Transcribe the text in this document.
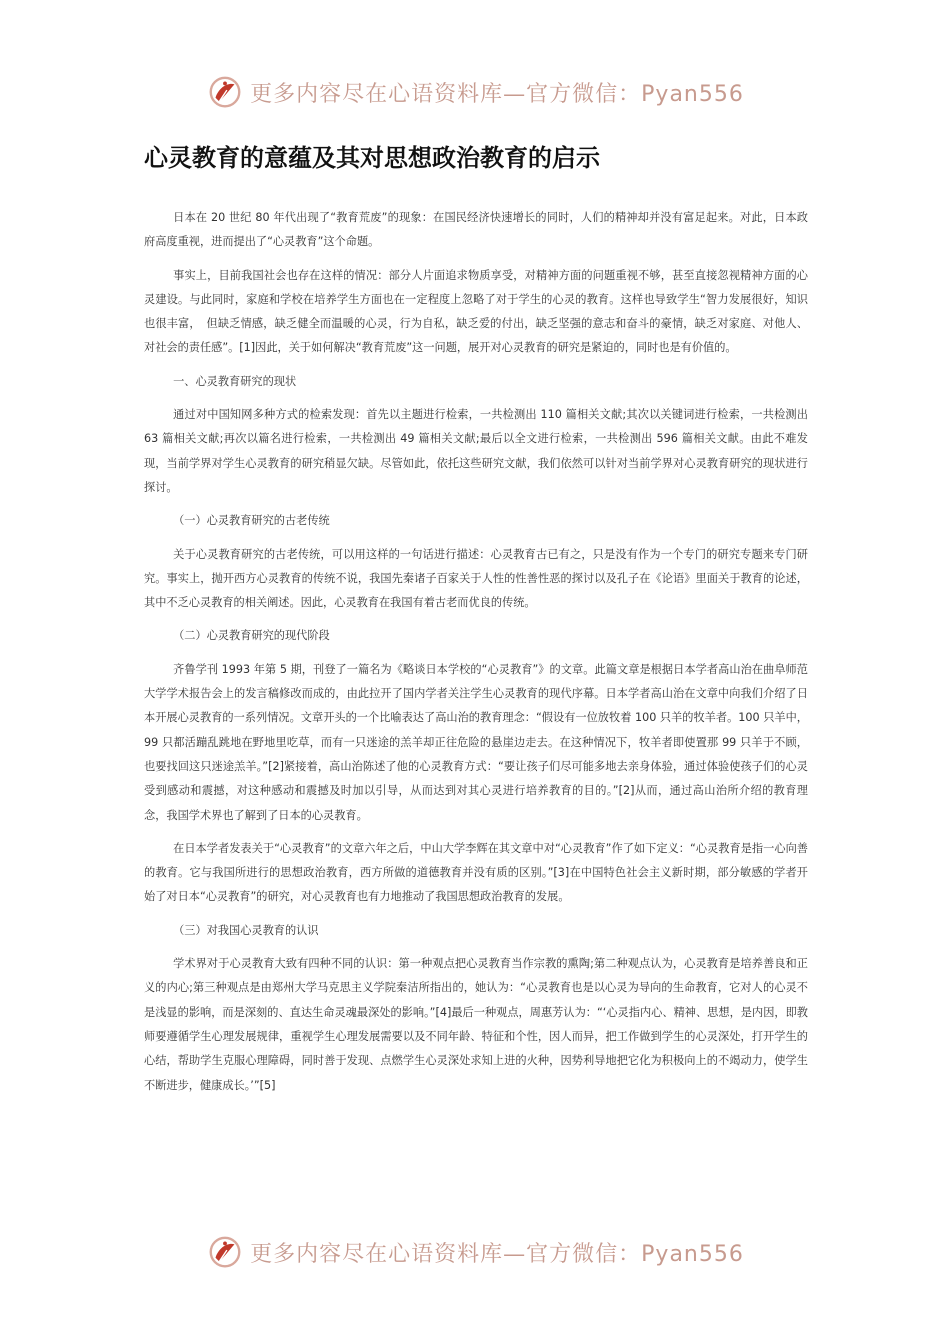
更多内容尽在心语资料库—官方微信：Pyan556
心灵教育的意蕴及其对思想政治教育的启示

日本在 20 世纪 80 年代出现了“教育荒废”的现象：在国民经济快速增长的同时，人们的精神却并没有富足起来。对此，日本政府高度重视，进而提出了“心灵教育”这个命题。

事实上，目前我国社会也存在这样的情况：部分人片面追求物质享受，对精神方面的问题重视不够，甚至直接忽视精神方面的心灵建设。与此同时，家庭和学校在培养学生方面也在一定程度上忽略了对于学生的心灵的教育。这样也导致学生“智力发展很好，知识也很丰富，　但缺乏情感，缺乏健全而温暖的心灵，行为自私，缺乏爱的付出，缺乏坚强的意志和奋斗的豪情，缺乏对家庭、对他人、对社会的责任感”。[1]因此，关于如何解决“教育荒废”这一问题，展开对心灵教育的研究是紧迫的，同时也是有价值的。

一、心灵教育研究的现状

通过对中国知网多种方式的检索发现：首先以主题进行检索，一共检测出 110 篇相关文献;其次以关键词进行检索，一共检测出 63 篇相关文献;再次以篇名进行检索，一共检测出 49 篇相关文献;最后以全文进行检索，一共检测出 596 篇相关文献。由此不难发现，当前学界对学生心灵教育的研究稍显欠缺。尽管如此，依托这些研究文献，我们依然可以针对当前学界对心灵教育研究的现状进行探讨。

（一）心灵教育研究的古老传统

关于心灵教育研究的古老传统，可以用这样的一句话进行描述：心灵教育古已有之，只是没有作为一个专门的研究专题来专门研究。事实上，抛开西方心灵教育的传统不说，我国先秦诸子百家关于人性的性善性恶的探讨以及孔子在《论语》里面关于教育的论述，其中不乏心灵教育的相关阐述。因此，心灵教育在我国有着古老而优良的传统。

（二）心灵教育研究的现代阶段

齐鲁学刊 1993 年第 5 期，刊登了一篇名为《略谈日本学校的“心灵教育”》的文章。此篇文章是根据日本学者高山治在曲阜师范大学学术报告会上的发言稿修改而成的，由此拉开了国内学者关注学生心灵教育的现代序幕。日本学者高山治在文章中向我们介绍了日本开展心灵教育的一系列情况。文章开头的一个比喻表达了高山治的教育理念：“假设有一位放牧着 100 只羊的牧羊者。100 只羊中，99 只都活蹦乱跳地在野地里吃草，而有一只迷途的羔羊却正往危险的悬崖边走去。在这种情况下，牧羊者即使置那 99 只羊于不顾，也要找回这只迷途羔羊。”[2]紧接着，高山治陈述了他的心灵教育方式：“要让孩子们尽可能多地去亲身体验，通过体验使孩子们的心灵受到感动和震撼，对这种感动和震撼及时加以引导，从而达到对其心灵进行培养教育的目的。”[2]从而，通过高山治所介绍的教育理念，我国学术界也了解到了日本的心灵教育。

在日本学者发表关于“心灵教育”的文章六年之后，中山大学李辉在其文章中对“心灵教育”作了如下定义：“心灵教育是指一心向善的教育。它与我国所进行的思想政治教育，西方所做的道德教育并没有质的区别。”[3]在中国特色社会主义新时期，部分敏感的学者开始了对日本“心灵教育”的研究，对心灵教育也有力地推动了我国思想政治教育的发展。

（三）对我国心灵教育的认识

学术界对于心灵教育大致有四种不同的认识：第一种观点把心灵教育当作宗教的熏陶;第二种观点认为，心灵教育是培养善良和正义的内心;第三种观点是由郑州大学马克思主义学院秦洁所指出的，她认为：“心灵教育也是以心灵为导向的生命教育，它对人的心灵不是浅显的影响，而是深刻的、直达生命灵魂最深处的影响。”[4]最后一种观点，周惠芳认为：“‘心灵指内心、精神、思想，是内因，即教师要遵循学生心理发展规律，重视学生心理发展需要以及不同年龄、特征和个性，因人而异，把工作做到学生的心灵深处，打开学生的心结，帮助学生克服心理障碍，同时善于发现、点燃学生心灵深处求知上进的火种，因势利导地把它化为积极向上的不竭动力，使学生不断进步，健康成长。’”[5]

更多内容尽在心语资料库—官方微信：Pyan556
